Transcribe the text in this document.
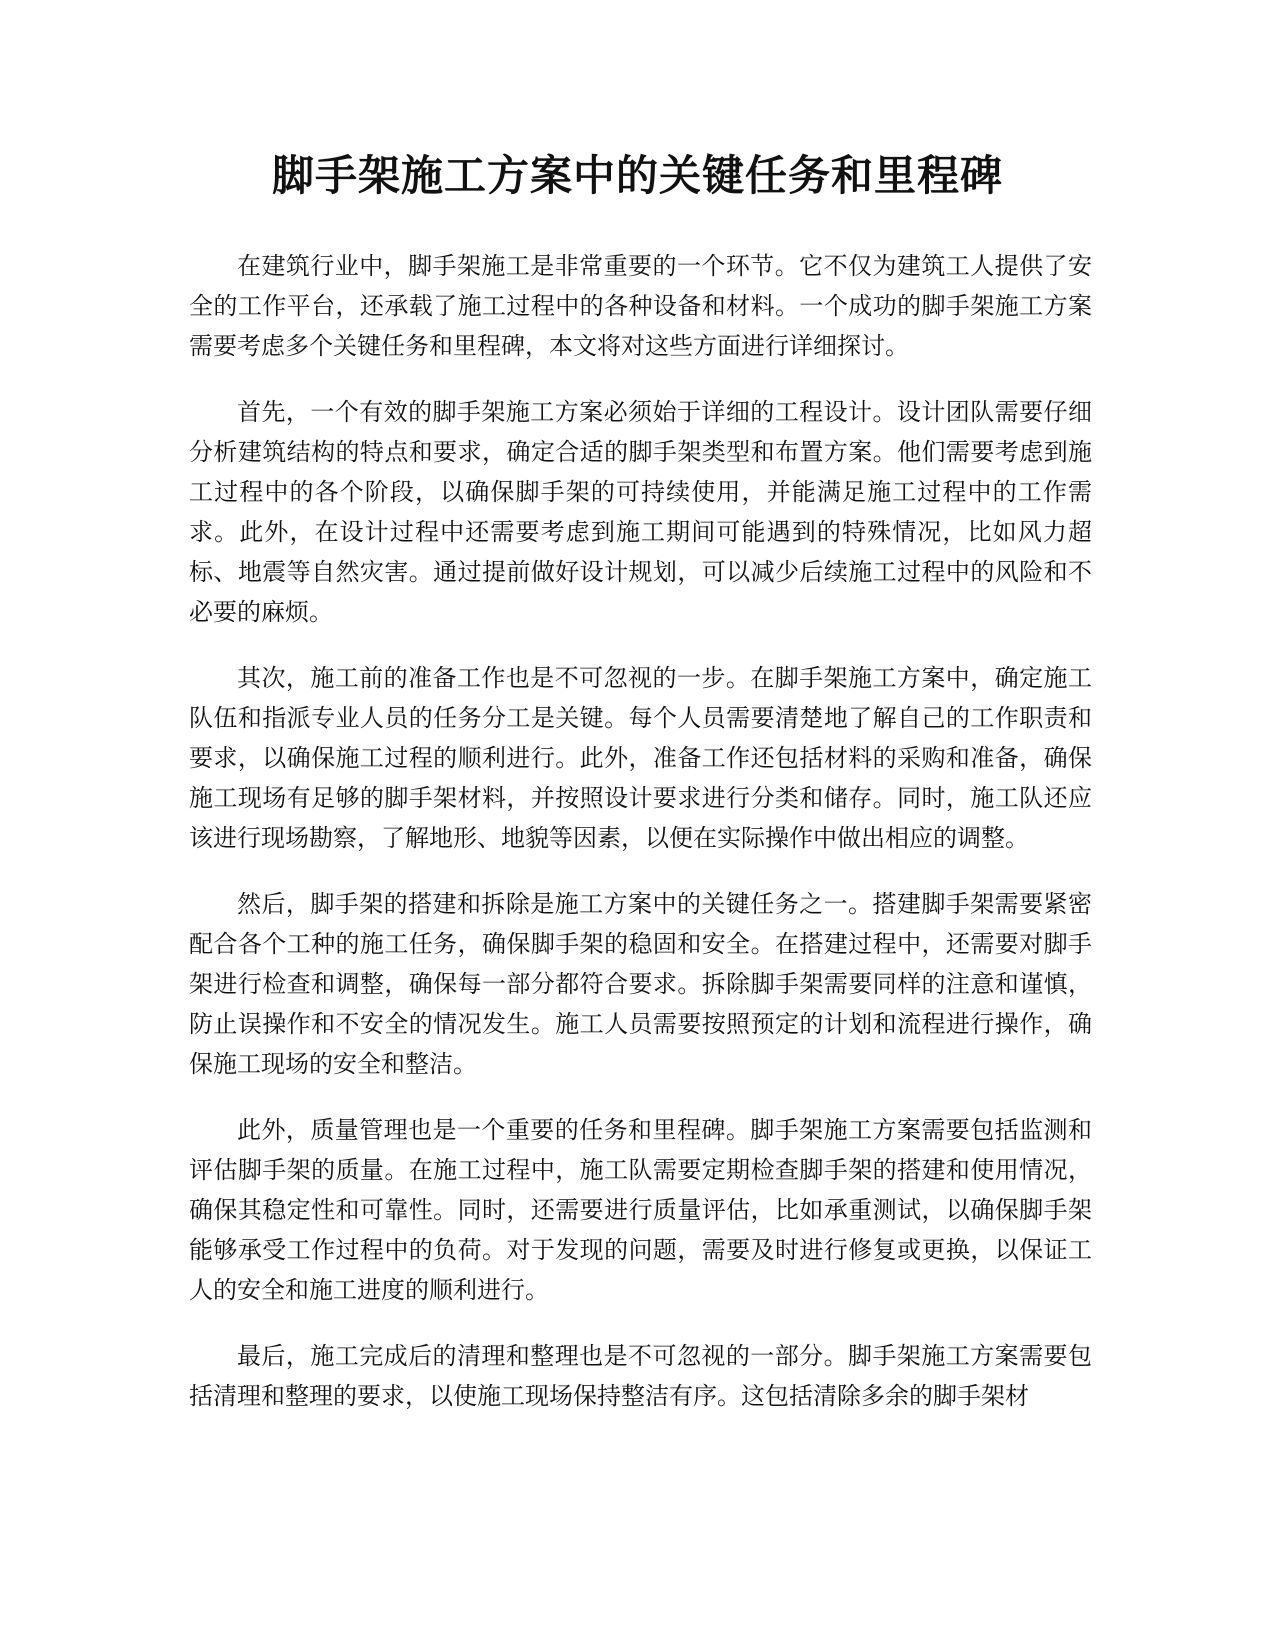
脚手架施工方案中的关键任务和里程碑

在建筑行业中，脚手架施工是非常重要的一个环节。它不仅为建筑工人提供了安全的工作平台，还承载了施工过程中的各种设备和材料。一个成功的脚手架施工方案需要考虑多个关键任务和里程碑，本文将对这些方面进行详细探讨。

首先，一个有效的脚手架施工方案必须始于详细的工程设计。设计团队需要仔细分析建筑结构的特点和要求，确定合适的脚手架类型和布置方案。他们需要考虑到施工过程中的各个阶段，以确保脚手架的可持续使用，并能满足施工过程中的工作需求。此外，在设计过程中还需要考虑到施工期间可能遇到的特殊情况，比如风力超标、地震等自然灾害。通过提前做好设计规划，可以减少后续施工过程中的风险和不必要的麻烦。

其次，施工前的准备工作也是不可忽视的一步。在脚手架施工方案中，确定施工队伍和指派专业人员的任务分工是关键。每个人员需要清楚地了解自己的工作职责和要求，以确保施工过程的顺利进行。此外，准备工作还包括材料的采购和准备，确保施工现场有足够的脚手架材料，并按照设计要求进行分类和储存。同时，施工队还应该进行现场勘察，了解地形、地貌等因素，以便在实际操作中做出相应的调整。

然后，脚手架的搭建和拆除是施工方案中的关键任务之一。搭建脚手架需要紧密配合各个工种的施工任务，确保脚手架的稳固和安全。在搭建过程中，还需要对脚手架进行检查和调整，确保每一部分都符合要求。拆除脚手架需要同样的注意和谨慎，防止误操作和不安全的情况发生。施工人员需要按照预定的计划和流程进行操作，确保施工现场的安全和整洁。

此外，质量管理也是一个重要的任务和里程碑。脚手架施工方案需要包括监测和评估脚手架的质量。在施工过程中，施工队需要定期检查脚手架的搭建和使用情况，确保其稳定性和可靠性。同时，还需要进行质量评估，比如承重测试，以确保脚手架能够承受工作过程中的负荷。对于发现的问题，需要及时进行修复或更换，以保证工人的安全和施工进度的顺利进行。

最后，施工完成后的清理和整理也是不可忽视的一部分。脚手架施工方案需要包括清理和整理的要求，以使施工现场保持整洁有序。这包括清除多余的脚手架材
